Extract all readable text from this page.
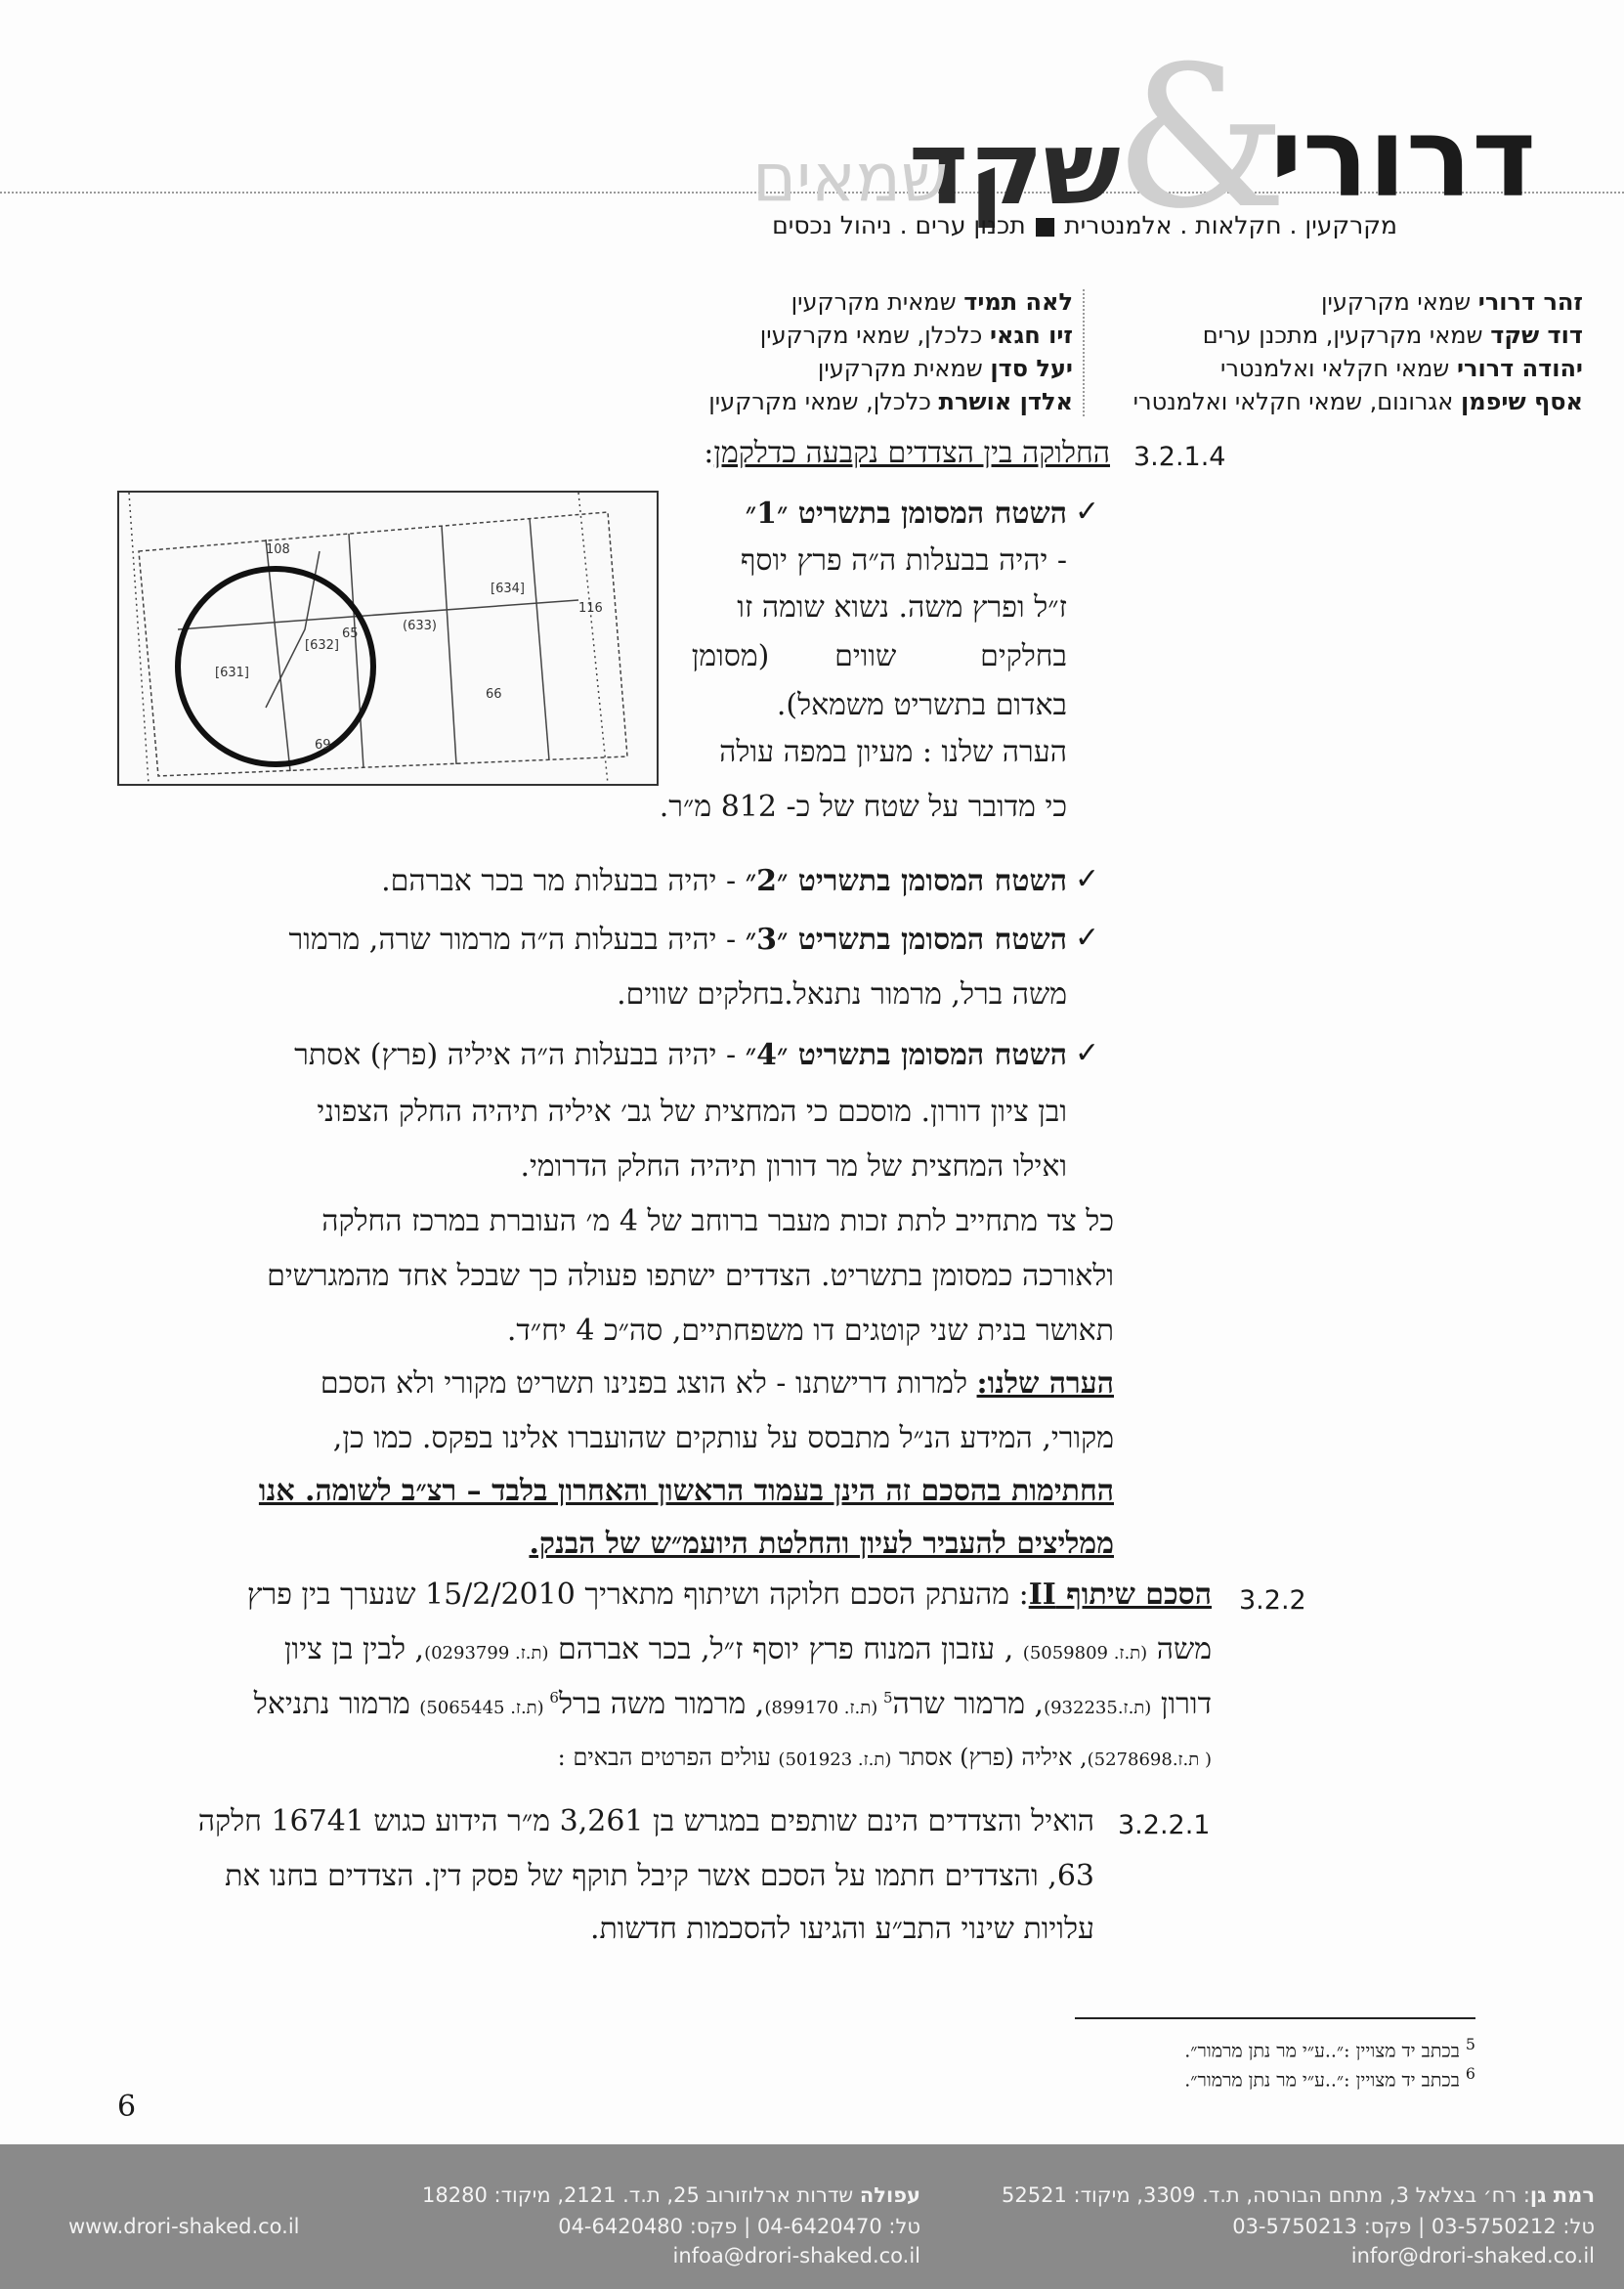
&
דרורי
שקד
שמאים
מקרקעין . חקלאות . אלמנטרית ■ תכנון ערים . ניהול נכסים
זהר דרורי שמאי מקרקעין
דוד שקד שמאי מקרקעין, מתכנן ערים
יהודה דרורי שמאי חקלאי ואלמנטרי
אסף שיפמן אגרונום, שמאי חקלאי ואלמנטרי
לאה תמיד שמאית מקרקעין
זיו חגאי כלכלן, שמאי מקרקעין
יעל סדן שמאית מקרקעין
אלדן אושרת כלכלן, שמאי מקרקעין
3.2.1.4
החלוקה בין הצדדים נקבעה כדלקמן:
108
[634]
116
(633)
65
[632]
[631]
66
69
✓
השטח המסומן בתשריט ״1״
- יהיה בבעלות ה״ה פרץ יוסף
ז״ל ופרץ משה. נשוא שומה זו
בחלקים         שווים       (מסומן
באדום בתשריט משמאל).
הערה שלנו : מעיון במפה עולה
כי מדובר על שטח של כ- 812 מ״ר.
✓
השטח המסומן בתשריט ״2״ - יהיה בבעלות מר בכר אברהם.
✓
השטח המסומן בתשריט ״3״ - יהיה בבעלות ה״ה מרמור שרה, מרמור
משה ברל, מרמור נתנאל.בחלקים שווים.
✓
השטח המסומן בתשריט ״4״ - יהיה בבעלות ה״ה איליה (פרץ) אסתר
ובן ציון דורון. מוסכם כי המחצית של גב׳ איליה תיהיה החלק הצפוני
ואילו המחצית של מר דורון תיהיה החלק הדרומי.
כל צד מתחייב לתת זכות מעבר ברוחב של 4 מ׳ העוברת במרכז החלקה
ולאורכה כמסומן בתשריט. הצדדים ישתפו פעולה כך שבכל אחד מהמגרשים
תאושר בנית שני קוטגים דו משפחתיים, סה״כ 4 יח״ד.
הערה שלנו: למרות דרישתנו - לא הוצג בפנינו תשריט מקורי ולא הסכם
מקורי, המידע הנ״ל מתבסס על עותקים שהועברו אלינו בפקס. כמו כן,
החתימות בהסכם זה הינן בעמוד הראשון והאחרון בלבד – רצ״ב לשומה. אנו
ממליצים להעביר לעיון והחלטת היועמ״ש של הבנק.
3.2.2
הסכם שיתוף II: מהעתק הסכם חלוקה ושיתוף מתאריך 15/2/2010 שנערך בין פרץ
משה (ת.ז. 5059809) , עזבון המנוח פרץ יוסף ז״ל, בכר אברהם (ת.ז. 0293799), לבין בן ציון
דורון (ת.ז.932235), מרמור שרה$^5$ (ת.ז. 899170), מרמור משה ברל$^6$ (ת.ז. 5065445) מרמור נתניאל
( ת.ז.5278698), איליה (פרץ) אסתר (ת.ז. 501923) עולים הפרטים הבאים :
3.2.2.1
הואיל והצדדים הינם שותפים במגרש בן 3,261 מ״ר הידוע כגוש 16741 חלקה
63, והצדדים חתמו על הסכם אשר קיבל תוקף של פסק דין. הצדדים בחנו את
עלויות שינוי התב״ע והגיעו להסכמות חדשות.
$^5$ בכתב יד מצויין :״..ע״י מר נתן מרמור״.
$^6$ בכתב יד מצויין :״..ע״י מר נתן מרמור״.
6
רמת גן: רח׳ בצלאל 3, מתחם הבורסה, ת.ד. 3309, מיקוד: 52521
טל: 03-5750212 | פקס: 03-5750213
infor@drori-shaked.co.il
עפולה שדרות ארלוזורוב 25, ת.ד. 2121, מיקוד: 18280
טל: 04-6420470 | פקס: 04-6420480
infoa@drori-shaked.co.il
www.drori-shaked.co.il
